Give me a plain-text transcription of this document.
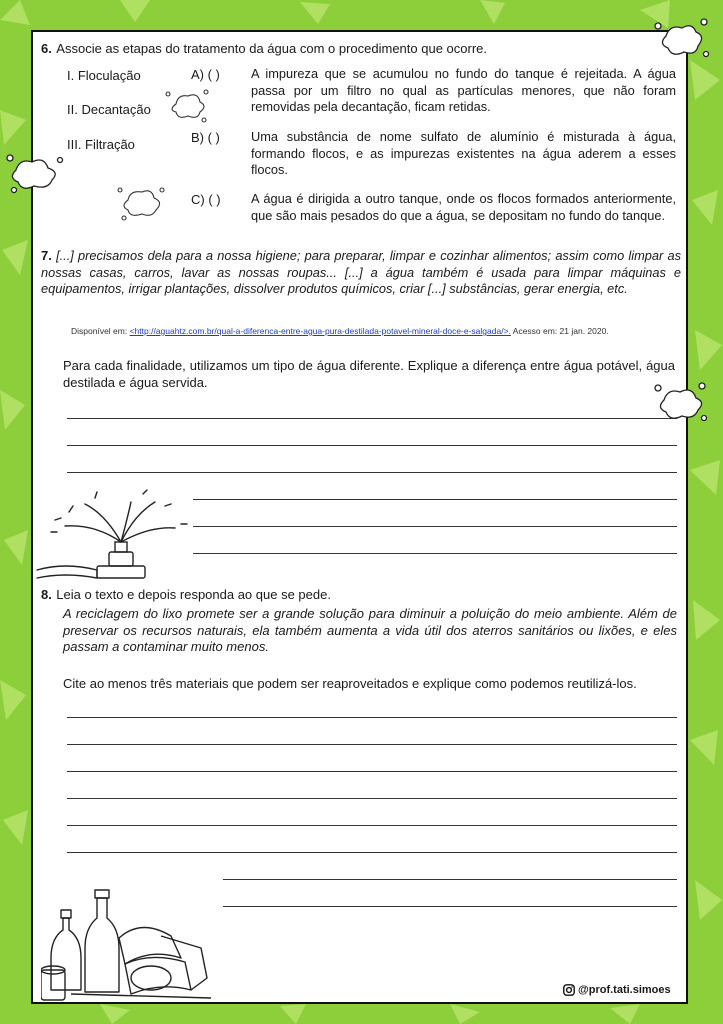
6. Associe as etapas do tratamento da água com o procedimento que ocorre.
I. Floculação
II. Decantação
III. Filtração
A) ( ) A impureza que se acumulou no fundo do tanque é rejeitada. A água passa por um filtro no qual as partículas menores, que não foram removidas pela decantação, ficam retidas.
B) ( ) Uma substância de nome sulfato de alumínio é misturada à água, formando flocos, e as impurezas existentes na água aderem a esses flocos.
C) ( ) A água é dirigida a outro tanque, onde os flocos formados anteriormente, que são mais pesados do que a água, se depositam no fundo do tanque.
7. [...] precisamos dela para a nossa higiene; para preparar, limpar e cozinhar alimentos; assim como limpar as nossas casas, carros, lavar as nossas roupas... [...] a água também é usada para limpar máquinas e equipamentos, irrigar plantações, dissolver produtos químicos, criar [...] substâncias, gerar energia, etc.
Disponível em: <http://aguahtz.com.br/qual-a-diferenca-entre-agua-pura-destilada-potavel-mineral-doce-e-salgada/>. Acesso em: 21 jan. 2020.
Para cada finalidade, utilizamos um tipo de água diferente. Explique a diferença entre água potável, água destilada e água servida.
8. Leia o texto e depois responda ao que se pede.
A reciclagem do lixo promete ser a grande solução para diminuir a poluição do meio ambiente. Além de preservar os recursos naturais, ela também aumenta a vida útil dos aterros sanitários ou lixões, e eles passam a contaminar muito menos.
Cite ao menos três materiais que podem ser reaproveitados e explique como podemos reutilizá-los.
@prof.tati.simoes
